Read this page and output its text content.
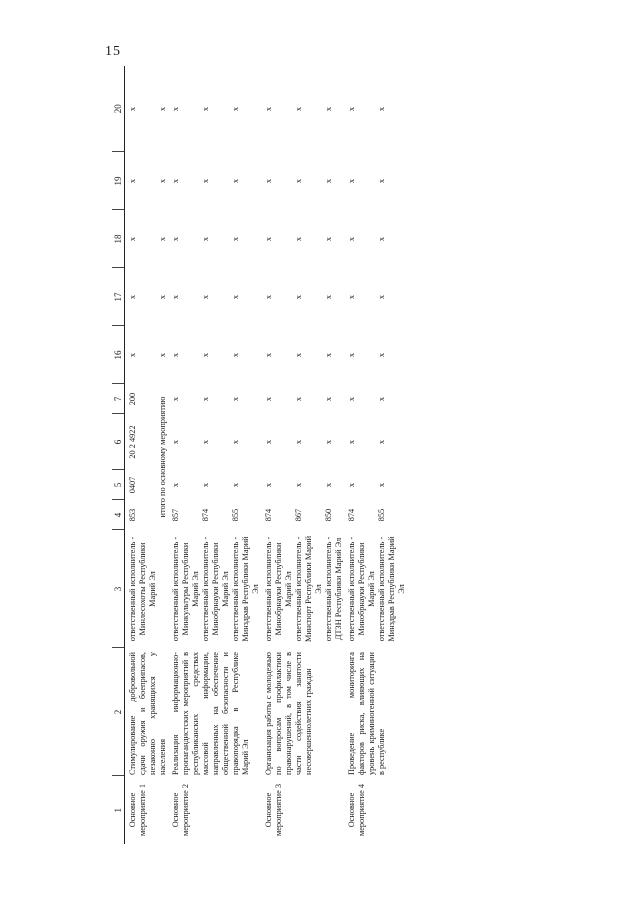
15
1	2	3	4	5	6	7	16	17	18	19	20
Основное мероприятие 1	Стимулирование добровольной сдачи оружия и боеприпасов, незаконно хранящихся у населения	ответственный исполнитель - Минлесохоты Республики Марий Эл	853	0407	20 2 4922	200	x	x	x	x	x
			итого по основному мероприятию				x	x	x	x	x
Основное мероприятие 2	Реализация информационно-пропагандистских мероприятий в республиканских средствах массовой информации, направленных на обеспечение общественной безопасности и правопорядка в Республике Марий Эл	ответственный исполнитель - Минкультуры Республики Марий Эл	857	x	x	x	x	x	x	x	x
		ответственный исполнитель - Минобрнауки Республики Марий Эл	874	x	x	x	x	x	x	x	x
		ответственный исполнитель - Минздрав Республики Марий Эл	855	x	x	x	x	x	x	x	x
Основное мероприятие 3	Организация работы с молодежью по вопросам профилактики правонарушений, в том числе в части содействия занятости несовершеннолетних граждан	ответственный исполнитель - Минобрнауки Республики Марий Эл	874	x	x	x	x	x	x	x	x
		ответственный исполнитель - Минспорт Республики Марий Эл	867	x	x	x	x	x	x	x	x
		ответственный исполнитель - ДТЗН Республики Марий Эл	850	x	x	x	x	x	x	x	x
Основное мероприятие 4	Проведение мониторинга факторов риска, влияющих на уровень криминогенной ситуации в республике	ответственный исполнитель - Минобрнауки Республики Марий Эл	874	x	x	x	x	x	x	x	x
		ответственный исполнитель - Минздрав Республики Марий Эл	855	x	x	x	x	x	x	x	x
